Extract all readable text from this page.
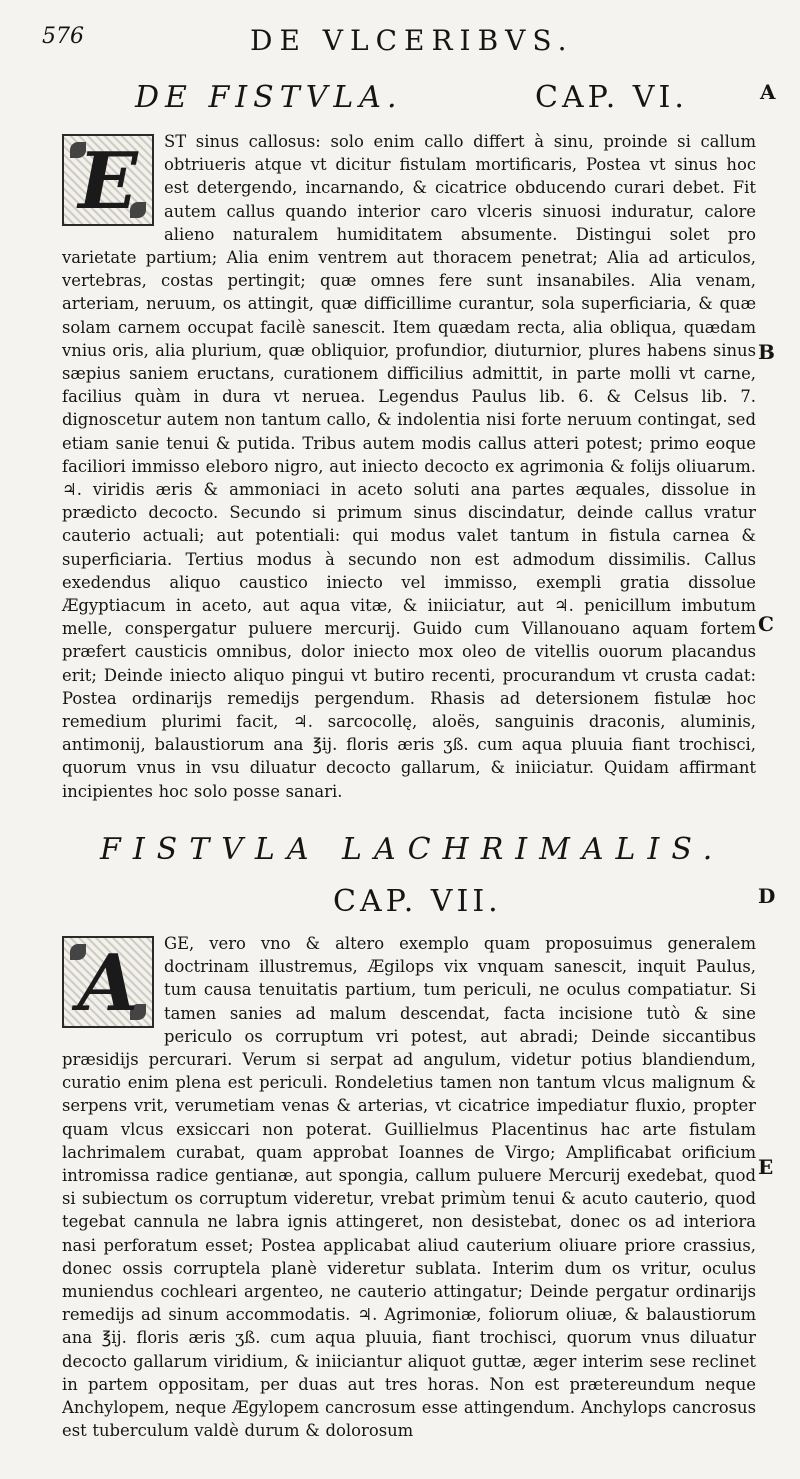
576	DE VLCERIBVS.
DE FISTVLA.	CAP. VI.
E	ST sinus callosus: solo enim callo differt à sinu, proinde si callum obtriueris atque vt dicitur fistulam mortificaris, Postea vt sinus hoc est detergendo, incarnando, & cicatrice obducendo curari debet. Fit autem callus quando interior caro vlceris sinuosi induratur, calore alieno naturalem humiditatem absumente. Distingui solet pro varietate partium; Alia enim ventrem aut thoracem penetrat; Alia ad articulos, vertebras, costas pertingit; quæ omnes fere sunt insanabiles. Alia venam, arteriam, neruum, os attingit, quæ difficillime curantur, sola superficiaria, & quæ solam carnem occupat facilè sanescit. Item quædam recta, alia obliqua, quædam vnius oris, alia plurium, quæ obliquior, profundior, diuturnior, plures habens sinus sæpius saniem eructans, curationem difficilius admittit, in parte molli vt carne, facilius quàm in dura vt neruea. Legendus Paulus lib. 6. & Celsus lib. 7. dignoscetur autem non tantum callo, & indolentia nisi forte neruum contingat, sed etiam sanie tenui & putida. Tribus autem modis callus atteri potest; primo eoque faciliori immisso eleboro nigro, aut iniecto decocto ex agrimonia & folijs oliuarum. ♃. viridis æris & ammoniaci in aceto soluti ana partes æquales, dissolue in prædicto decocto. Secundo si primum sinus discindatur, deinde callus vratur cauterio actuali; aut potentiali: qui modus valet tantum in fistula carnea & superficiaria. Tertius modus à secundo non est admodum dissimilis. Callus exedendus aliquo caustico iniecto vel immisso, exempli gratia dissolue Ægyptiacum in aceto, aut aqua vitæ, & iniiciatur, aut ♃. penicillum imbutum melle, conspergatur puluere mercurij. Guido cum Villanouano aquam fortem præfert causticis omnibus, dolor iniecto mox oleo de vitellis ouorum placandus erit; Deinde iniecto aliquo pingui vt butiro recenti, procurandum vt crusta cadat: Postea ordinarijs remedijs pergendum. Rhasis ad detersionem fistulæ hoc remedium plurimi facit, ♃. sarcocollę, aloës, sanguinis draconis, aluminis, antimonij, balaustiorum ana ℥ij. floris æris ʒß. cum aqua pluuia fiant trochisci, quorum vnus in vsu diluatur decocto gallarum, & iniiciatur. Quidam affirmant incipientes hoc solo posse sanari.

FISTVLA LACHRIMALIS.
CAP. VII.
A	GE, vero vno & altero exemplo quam proposuimus generalem doctrinam illustremus, Ægilops vix vnquam sanescit, inquit Paulus, tum causa tenuitatis partium, tum periculi, ne oculus compatiatur. Si tamen sanies ad malum descendat, facta incisione tutò & sine periculo os corruptum vri potest, aut abradi; Deinde siccantibus præsidijs percurari. Verum si serpat ad angulum, videtur potius blandiendum, curatio enim plena est periculi. Rondeletius tamen non tantum vlcus malignum & serpens vrit, verumetiam venas & arterias, vt cicatrice impediatur fluxio, propter quam vlcus exsiccari non poterat. Guillielmus Placentinus hac arte fistulam lachrimalem curabat, quam approbat Ioannes de Virgo; Amplificabat orificium intromissa radice gentianæ, aut spongia, callum puluere Mercurij exedebat, quod si subiectum os corruptum videretur, vrebat primùm tenui & acuto cauterio, quod tegebat cannula ne labra ignis attingeret, non desistebat, donec os ad interiora nasi perforatum esset; Postea applicabat aliud cauterium oliuare priore crassius, donec ossis corruptela planè videretur sublata. Interim dum os vritur, oculus muniendus cochleari argenteo, ne cauterio attingatur; Deinde pergatur ordinarijs remedijs ad sinum accommodatis. ♃. Agrimoniæ, foliorum oliuæ, & balaustiorum ana ℥ij. floris æris ʒß. cum aqua pluuia, fiant trochisci, quorum vnus diluatur decocto gallarum viridium, & iniiciantur aliquot guttæ, æger interim sese reclinet in partem oppositam, per duas aut tres horas. Non est prætereundum neque Anchylopem, neque Ægylopem cancrosum esse attingendum. Anchylops cancrosus est tuberculum valdè durum & dolorosum

A
B
C
D
E
